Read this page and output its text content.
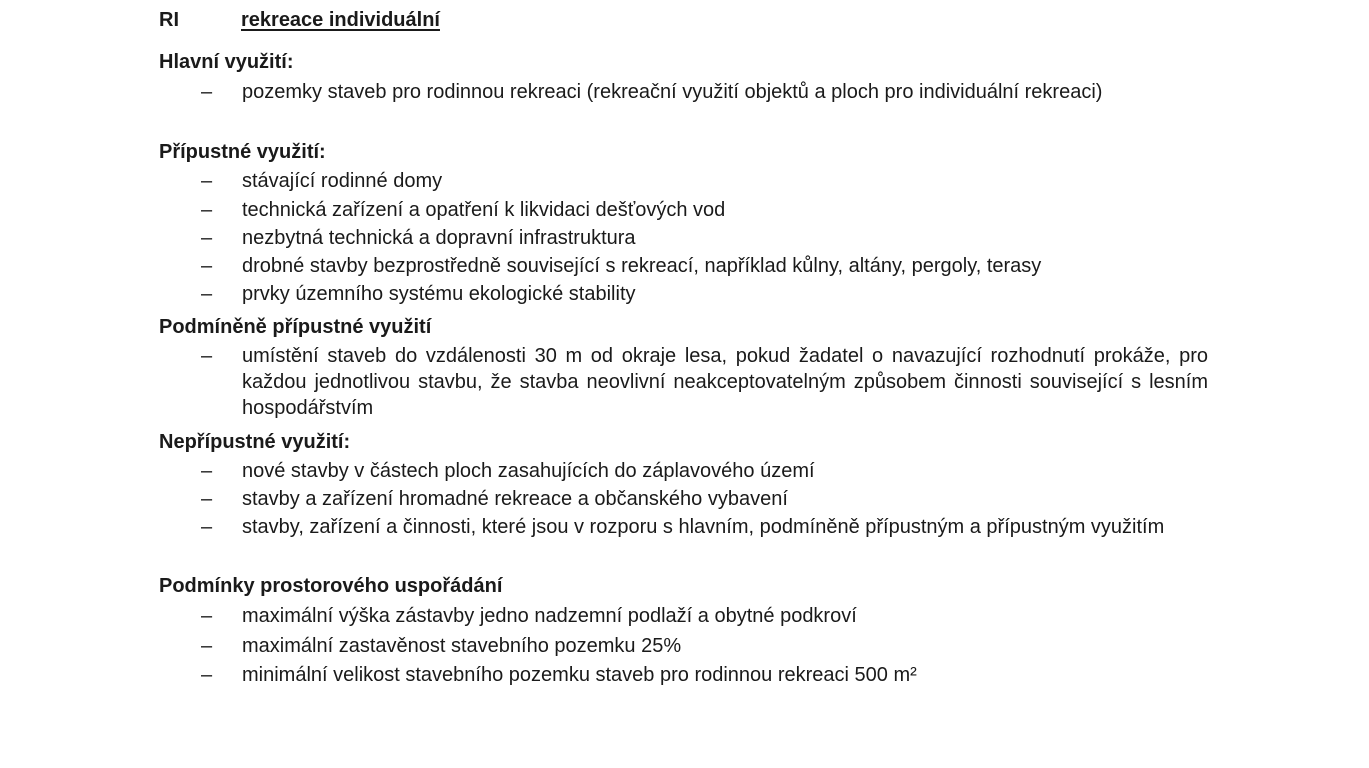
RI	rekreace individuální
Hlavní využití:
– pozemky staveb pro rodinnou rekreaci (rekreační využití objektů a ploch pro individuální rekreaci)
Přípustné využití:
– stávající rodinné domy
– technická zařízení a opatření k likvidaci dešťových vod
– nezbytná technická a dopravní infrastruktura
– drobné stavby bezprostředně související s rekreací, například kůlny, altány, pergoly, terasy
– prvky územního systému ekologické stability
Podmíněně přípustné využití
– umístění staveb do vzdálenosti 30 m od okraje lesa, pokud žadatel o navazující rozhodnutí prokáže, pro každou jednotlivou stavbu, že stavba neovlivní neakceptovatelným způsobem činnosti související s lesním hospodářstvím
Nepřípustné využití:
– nové stavby v částech ploch zasahujících do záplavového území
– stavby a zařízení hromadné rekreace a občanského vybavení
– stavby, zařízení a činnosti, které jsou v rozporu s hlavním, podmíněně přípustným a přípustným využitím
Podmínky prostorového uspořádání
– maximální výška zástavby jedno nadzemní podlaží a obytné podkroví
– maximální zastavěnost stavebního pozemku 25%
– minimální velikost stavebního pozemku staveb pro rodinnou rekreaci 500 m²
